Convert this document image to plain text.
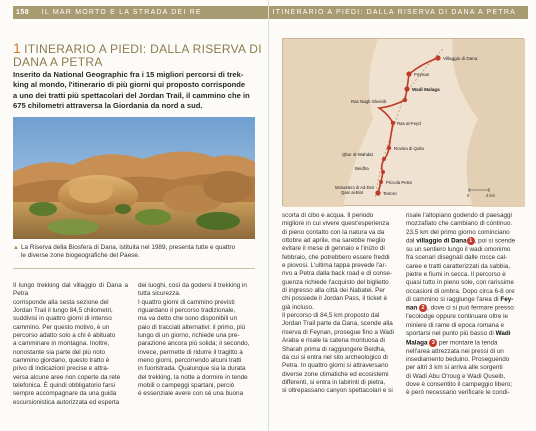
158 IL MAR MORTO E LA STRADA DEI RE
1 ITINERARIO A PIEDI: DALLA RISERVA DI
DANA A PETRA
Inserito da National Geographic fra i 15 migliori percorsi di trek-
king al mondo, l'itinerario di più giorni qui proposto corrisponde
a uno dei tratti più spettacolari del Jordan Trail, il cammino che in
675 chilometri attraversa la Giordania da nord a sud.
▲ La Riserva della Biosfera di Dana, istituita nel 1989, presenta tutte e quattro
le diverse zone biogeografiche del Paese.
Il lungo trekking dal villaggio di Dana a Petra
corrisponde alla sesta sezione del
Jordan Trail il lungo 84,5 chilometri,
suddivisi in quattro giorni di intenso
cammino. Per questo motivo, è un
percorso adatto solo a chi è abituato
a camminare in montagna. Inoltre,
nonostante sia parte del più noto
cammino giordano, questo tratto è
privo di indicazioni precise e attra-
versa alcune aree non coperte da rete
telefonica. È quindi obbligatorio farsi
sempre accompagnare da una guida
escursionistica autorizzata ed esperta
dei luoghi, così da godersi il trekking in
tutta sicurezza.
I quattro giorni di cammino previsti
riguardano il percorso tradizionale,
ma va detto che sono disponibili un
paio di tracciati alternativi: il primo, più
lungo di un giorno, richiede una pre-
parazione ancora più solida; il secondo,
invece, permette di ridurre il tragitto a
meno giorni, percorrendo alcuni tratti
in fuoristrada. Qualunque sia la durata
del trekking, la notte a dormire in tende
mobili o campeggi spartani, perciò
è essenziale avere con sé una buona
ITINERARIO A PIEDI: DALLA RISERVA DI DANA A PETRA    159
Villaggio di Dana
Feynan
Wadi Malaga
Ras Nagb Sheinib
Ras al-Feyd
Rovina di Quila
Qbur al-Wahdat
Beidha
Piccola Petra
Monastero di Ad-Deir
Qasr al-Bint	Tesoro	0	3 km
scorta di cibo e acqua. Il periodo
migliore in cui vivere quest'esperienza
di pieno contatto con la natura va da
ottobre ad aprile, ma sarebbe meglio
evitare il mese di gennaio e l'inizio di
febbraio, che potrebbero essere freddi
e piovosi. L'ultima tappa prevede l'ar-
rivo a Petra dalla back road e di conse-
guenza richiede l'acquisto del biglietto
di ingresso alla città dei Nabatei. Per
chi possiede il Jordan Pass, il ticket è
già incluso.
Il percorso di 84,5 km proposto dal
Jordan Trail parte da Dana, scende alla
riserva di Feynan, prosegue fino a Wadi
Araba e risale la catena montuosa di
Sharah prima di raggiungere Beidha,
da cui si entra nel sito archeologico di
Petra. In quattro giorni si attraversano
diverse zone climatiche ed ecosistemi
differenti, si entra in labirinti di pietra,
si oltrepassano canyon spettacolari e si
risale l'altopiano godendo di paesaggi
mozzafiato che cambiano di continuo.
23,5 km del primo giorno cominciano
dal villaggio di Dana1 , poi si scende
su un sentiero lungo il wadi omonimo
fra scenari disegnati dalle rocce cal-
caree e tratti caratterizzati da sabbia,
pietre e fiumi in secca. Il percorso è
quasi tutto in pieno sole, con rarissime
occasioni di ombra. Dopo circa 6-8 ore
di cammino si raggiunge l'area di Fey-
nan 2 , dove ci si può fermare presso
l'ecolodge oppure continuare oltre le
miniere di rame di epoca romana e
sportarsi nel punto più basso di Wadi
Malaga 3 per montare la tenda
nell'area attrezzata nei pressi di un
insediamento beduino. Proseguendo
per altri 3 km si arriva alle sorgenti
di Wadi Abu O'roug e Wadi Quseib,
dove è consentito il campeggio libero;
è però necessario verificare le condi-
